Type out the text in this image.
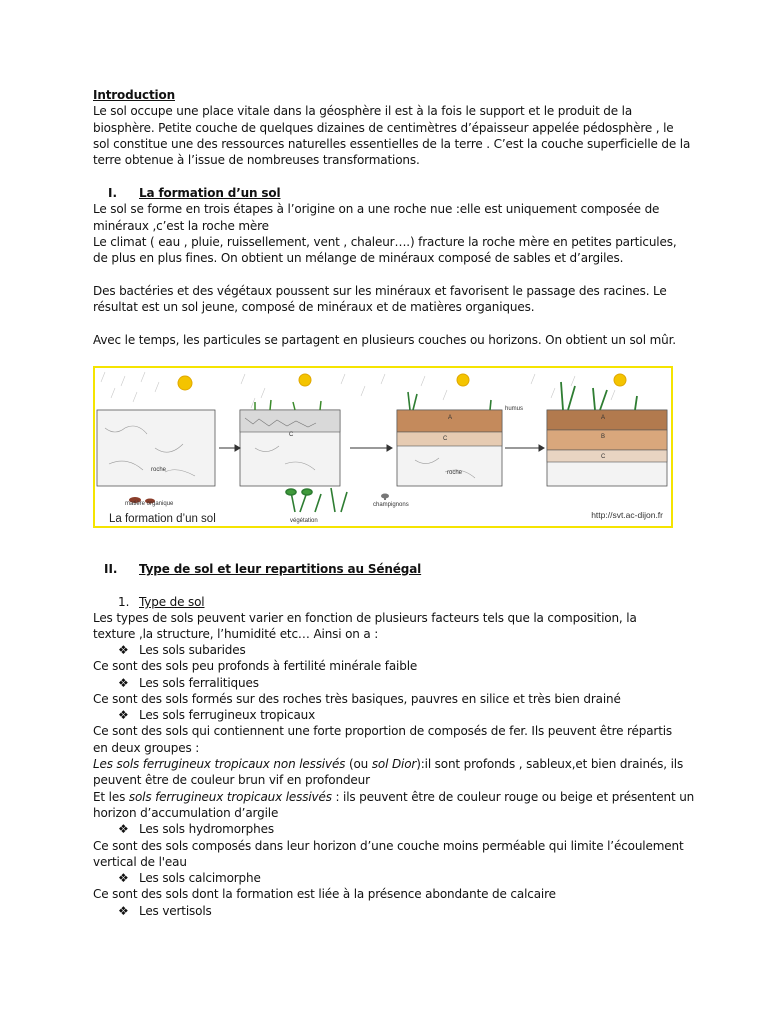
Introduction
Le sol occupe une place vitale dans la géosphère il est à la fois le support et le produit de la
biosphère. Petite couche de quelques dizaines de centimètres d’épaisseur appelée pédosphère , le
sol constitue une des ressources naturelles essentielles de la terre . C’est la couche superficielle de la
terre obtenue à l’issue de nombreuses transformations.
I. La formation d’un sol
Le sol se forme en trois étapes à l’origine on a une roche nue :elle est uniquement composée de
minéraux ,c’est la roche mère
Le climat ( eau , pluie, ruissellement, vent , chaleur….) fracture la roche mère en petites particules,
de plus en plus fines. On obtient un mélange de minéraux composé de sables et d’argiles.
Des bactéries et des végétaux poussent sur les minéraux et favorisent le passage des racines. Le
résultat est un sol jeune, composé de minéraux et de matières organiques.
Avec le temps, les particules se partagent en plusieurs couches ou horizons. On obtient un sol mûr.
roche	roche
matière organique
végétation
champignons
humus
C
C
C
A	A
B
La formation d’un sol	http://svt.ac-dijon.fr
II. Type de sol et leur repartitions au Sénégal
1. Type de sol
Les types de sols peuvent varier en fonction de plusieurs facteurs tels que la composition, la
texture ,la structure, l’humidité etc… Ainsi on a :
❖ Les sols subarides
Ce sont des sols peu profonds à fertilité minérale faible
❖ Les sols ferralitiques
Ce sont des sols formés sur des roches très basiques, pauvres en silice et très bien drainé
❖ Les sols ferrugineux tropicaux
Ce sont des sols qui contiennent une forte proportion de composés de fer. Ils peuvent être répartis
en deux groupes :
Les sols ferrugineux tropicaux non lessivés (ou sol Dior):il sont profonds , sableux,et bien drainés, ils
peuvent être de couleur brun vif en profondeur
Et les sols ferrugineux tropicaux lessivés : ils peuvent être de couleur rouge ou beige et présentent un
horizon d’accumulation d’argile
❖ Les sols hydromorphes
Ce sont des sols composés dans leur horizon d’une couche moins perméable qui limite l’écoulement
vertical de l'eau
❖ Les sols calcimorphe
Ce sont des sols dont la formation est liée à la présence abondante de calcaire
❖ Les vertisols
